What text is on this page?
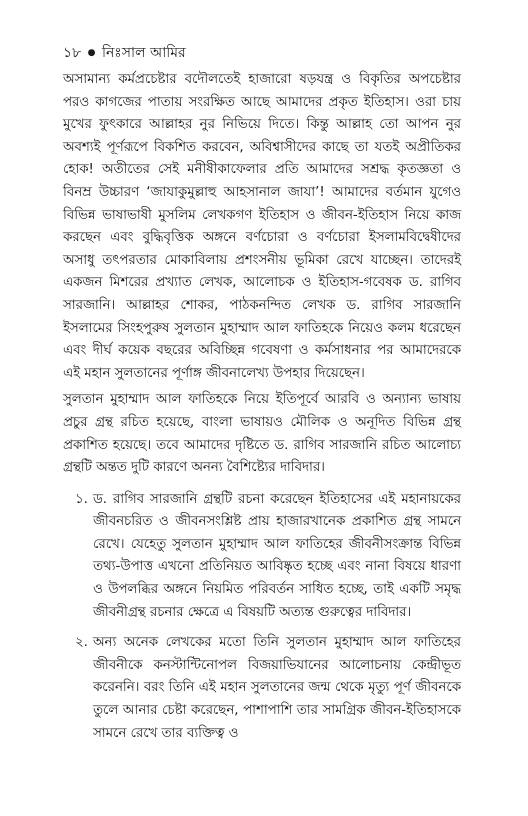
১৮ ● নিঃসাল আমির

অসামান্য কর্মপ্রচেষ্টার বদৌলতেই হাজারো ষড়যন্ত্র ও বিকৃতির অপচেষ্টার পরও কাগজের পাতায় সংরক্ষিত আছে আমাদের প্রকৃত ইতিহাস। ওরা চায় মুখের ফুৎকারে আল্লাহর নুর নিভিয়ে দিতে। কিন্তু আল্লাহ তো আপন নুর অবশ্যই পূর্ণরূপে বিকশিত করবেন, অবিশ্বাসীদের কাছে তা যতই অপ্রীতিকর হোক! অতীতের সেই মনীষীকাফেলার প্রতি আমাদের সশ্রদ্ধ কৃতজ্ঞতা ও বিনম্র উচ্চারণ ‘জাযাকুমুল্লাহু আহসানাল জাযা’! আমাদের বর্তমান যুগেও বিভিন্ন ভাষাভাষী মুসলিম লেখকগণ ইতিহাস ও জীবন-ইতিহাস নিয়ে কাজ করছেন এবং বুদ্ধিবৃত্তিক অঙ্গনে বর্ণচোরা ও বর্ণচোরা ইসলামবিদ্বেষীদের অসাধু তৎপরতার মোকাবিলায় প্রশংসনীয় ভূমিকা রেখে যাচ্ছেন। তাদেরই একজন মিশরের প্রখ্যাত লেখক, আলোচক ও ইতিহাস-গবেষক ড. রাগিব সারজানি। আল্লাহর শোকর, পাঠকনন্দিত লেখক ড. রাগিব সারজানি ইসলামের সিংহপুরুষ সুলতান মুহাম্মাদ আল ফাতিহকে নিয়েও কলম ধরেছেন এবং দীর্ঘ কয়েক বছরের অবিচ্ছিন্ন গবেষণা ও কর্মসাধনার পর আমাদেরকে এই মহান সুলতানের পূর্ণাঙ্গ জীবনালেখ্য উপহার দিয়েছেন।

সুলতান মুহাম্মাদ আল ফাতিহকে নিয়ে ইতিপূর্বে আরবি ও অন্যান্য ভাষায় প্রচুর গ্রন্থ রচিত হয়েছে, বাংলা ভাষায়ও মৌলিক ও অনূদিত বিভিন্ন গ্রন্থ প্রকাশিত হয়েছে। তবে আমাদের দৃষ্টিতে ড. রাগিব সারজানি রচিত আলোচ্য গ্রন্থটি অন্তত দুটি কারণে অনন্য বৈশিষ্ট্যের দাবিদার।

১. ড. রাগিব সারজানি গ্রন্থটি রচনা করেছেন ইতিহাসের এই মহানায়কের জীবনচরিত ও জীবনসংশ্লিষ্ট প্রায় হাজারখানেক প্রকাশিত গ্রন্থ সামনে রেখে। যেহেতু সুলতান মুহাম্মাদ আল ফাতিহের জীবনীসংক্রান্ত বিভিন্ন তথ্য-উপাত্ত এখনো প্রতিনিয়ত আবিষ্কৃত হচ্ছে এবং নানা বিষয়ে ধারণা ও উপলব্ধির অঙ্গনে নিয়মিত পরিবর্তন সাধিত হচ্ছে, তাই একটি সমৃদ্ধ জীবনীগ্রন্থ রচনার ক্ষেত্রে এ বিষয়টি অত্যন্ত গুরুত্বের দাবিদার।
২. অন্য অনেক লেখকের মতো তিনি সুলতান মুহাম্মাদ আল ফাতিহের জীবনীকে কনস্টান্টিনোপল বিজয়াভিযানের আলোচনায় কেন্দ্রীভূত করেননি। বরং তিনি এই মহান সুলতানের জন্ম থেকে মৃত্যু পূর্ণ জীবনকে তুলে আনার চেষ্টা করেছেন, পাশাপাশি তার সামগ্রিক জীবন-ইতিহাসকে সামনে রেখে তার ব্যক্তিত্ব ও
